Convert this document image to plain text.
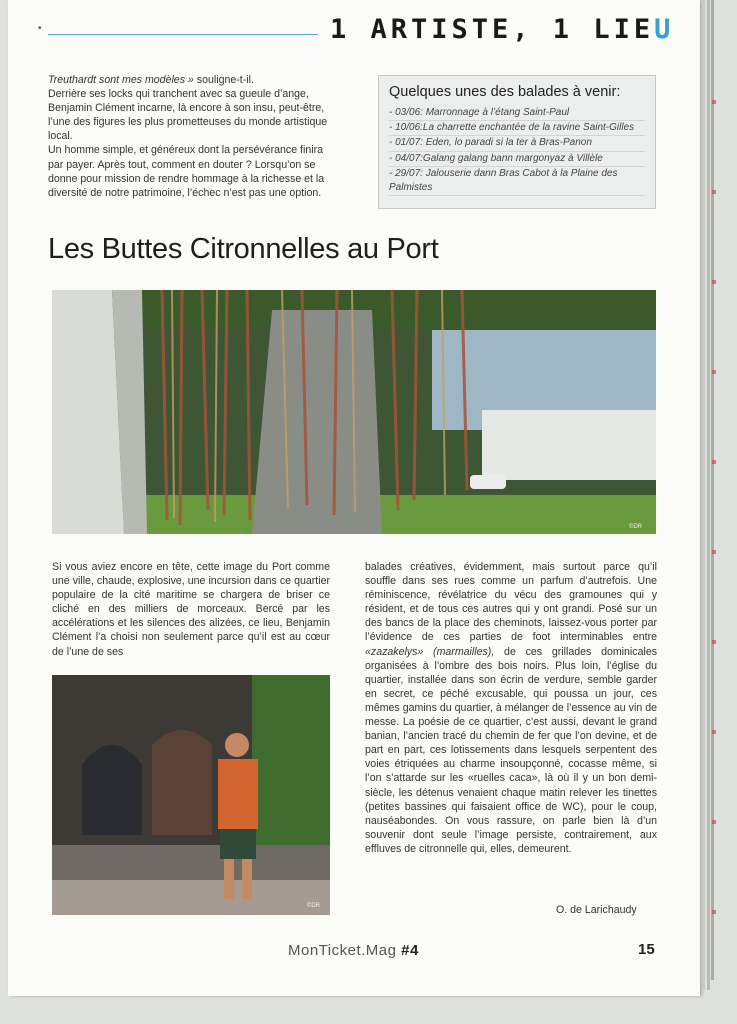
•	1 ARTISTE, 1 LIEU

Treuthardt sont mes modèles » souligne-t-il.

Derrière ses locks qui tranchent avec sa gueule d’ange, Benjamin Clément incarne, là encore à son insu, peut-être, l’une des figures les plus prometteuses du monde artistique local.

Un homme simple, et généreux dont la persévérance finira par payer. Après tout, comment en douter ? Lorsqu’on se donne pour mission de rendre hommage à la richesse et la diversité de notre patrimoine, l’échec n’est pas une option.

Quelques unes des balades à venir:
- 03/06: Marronnage à l’étang Saint-Paul
- 10/06:La charrette enchantée de la ravine Saint-Gilles
- 01/07: Eden, lo paradi si la ter à Bras-Panon
- 04/07:Galang galang bann margonyaz à Villèle
- 29/07: Jalouserie dann Bras Cabot à la Plaine des Palmistes
Les Buttes Citronnelles au Port
©DR

Si vous aviez encore en tête, cette image du Port comme une ville, chaude, explosive, une incursion dans ce quartier populaire de la cité maritime se chargera de briser ce cliché en des milliers de morceaux. Bercé par les accélérations et les silences des alizées, ce lieu, Benjamin Clément l’a choisi non seulement parce qu’il est au cœur de l’une de ses

©DR

balades créatives, évidemment, mais surtout parce qu’il souffle dans ses rues comme un parfum d’autrefois. Une réminiscence, révélatrice du vécu des gramounes qui y résident, et de tous ces autres qui y ont grandi. Posé sur un des bancs de la place des cheminots, laissez-vous porter par l’évidence de ces parties de foot interminables entre «zazakelys» (marmailles), de ces grillades dominicales organisées à l’ombre des bois noirs. Plus loin, l’église du quartier, installée dans son écrin de verdure, semble garder en secret, ce péché excusable, qui poussa un jour, ces mêmes gamins du quartier, à mélanger de l’essence au vin de messe. La poésie de ce quartier, c’est aussi, devant le grand banian, l’ancien tracé du chemin de fer que l’on devine, et de part en part, ces lotissements dans lesquels serpentent des voies étriquées au charme insoupçonné, cocasse même, si l’on s’attarde sur les «ruelles caca», là où il y un bon demi-siècle, les détenus venaient chaque matin relever les tinettes (petites bassines qui faisaient office de WC), pour le coup, nauséabondes. On vous rassure, on parle bien là d’un souvenir dont seule l’image persiste, contrairement, aux effluves de citronnelle qui, elles, demeurent.

O. de Larichaudy
MonTicket.Mag #4	15
